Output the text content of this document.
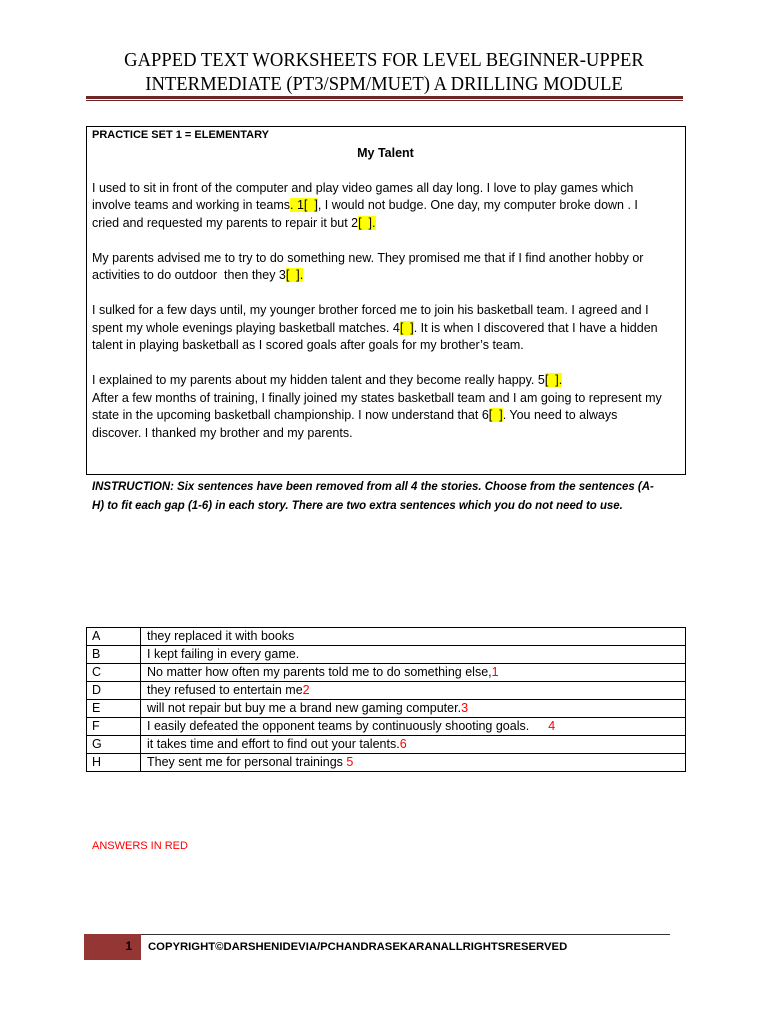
GAPPED TEXT WORKSHEETS FOR LEVEL BEGINNER-UPPER
INTERMEDIATE (PT3/SPM/MUET) A DRILLING MODULE
PRACTICE SET 1 = ELEMENTARY
My Talent
I used to sit in front of the computer and play video games all day long. I love to play games which
involve teams and working in teams. 1[  ], I would not budge. One day, my computer broke down . I
cried and requested my parents to repair it but 2[  ].
My parents advised me to try to do something new. They promised me that if I find another hobby or
activities to do outdoor  then they 3[  ].
I sulked for a few days until, my younger brother forced me to join his basketball team. I agreed and I
spent my whole evenings playing basketball matches. 4[  ]. It is when I discovered that I have a hidden
talent in playing basketball as I scored goals after goals for my brother’s team.
I explained to my parents about my hidden talent and they become really happy. 5[  ].
After a few months of training, I finally joined my states basketball team and I am going to represent my
state in the upcoming basketball championship. I now understand that 6[  ]. You need to always
discover. I thanked my brother and my parents.
INSTRUCTION: Six sentences have been removed from all 4 the stories. Choose from the sentences (A-
H) to fit each gap (1-6) in each story. There are two extra sentences which you do not need to use.
A	they replaced it with books
B	I kept failing in every game.
C	No matter how often my parents told me to do something else,1
D	they refused to entertain me2
E	will not repair but buy me a brand new gaming computer.3
F	I easily defeated the opponent teams by continuously shooting goals. 4
G	it takes time and effort to find out your talents.6
H	They sent me for personal trainings 5
ANSWERS IN RED
1 COPYRIGHT©DARSHENIDEVIA/PCHANDRASEKARANALLRIGHTSRESERVED
